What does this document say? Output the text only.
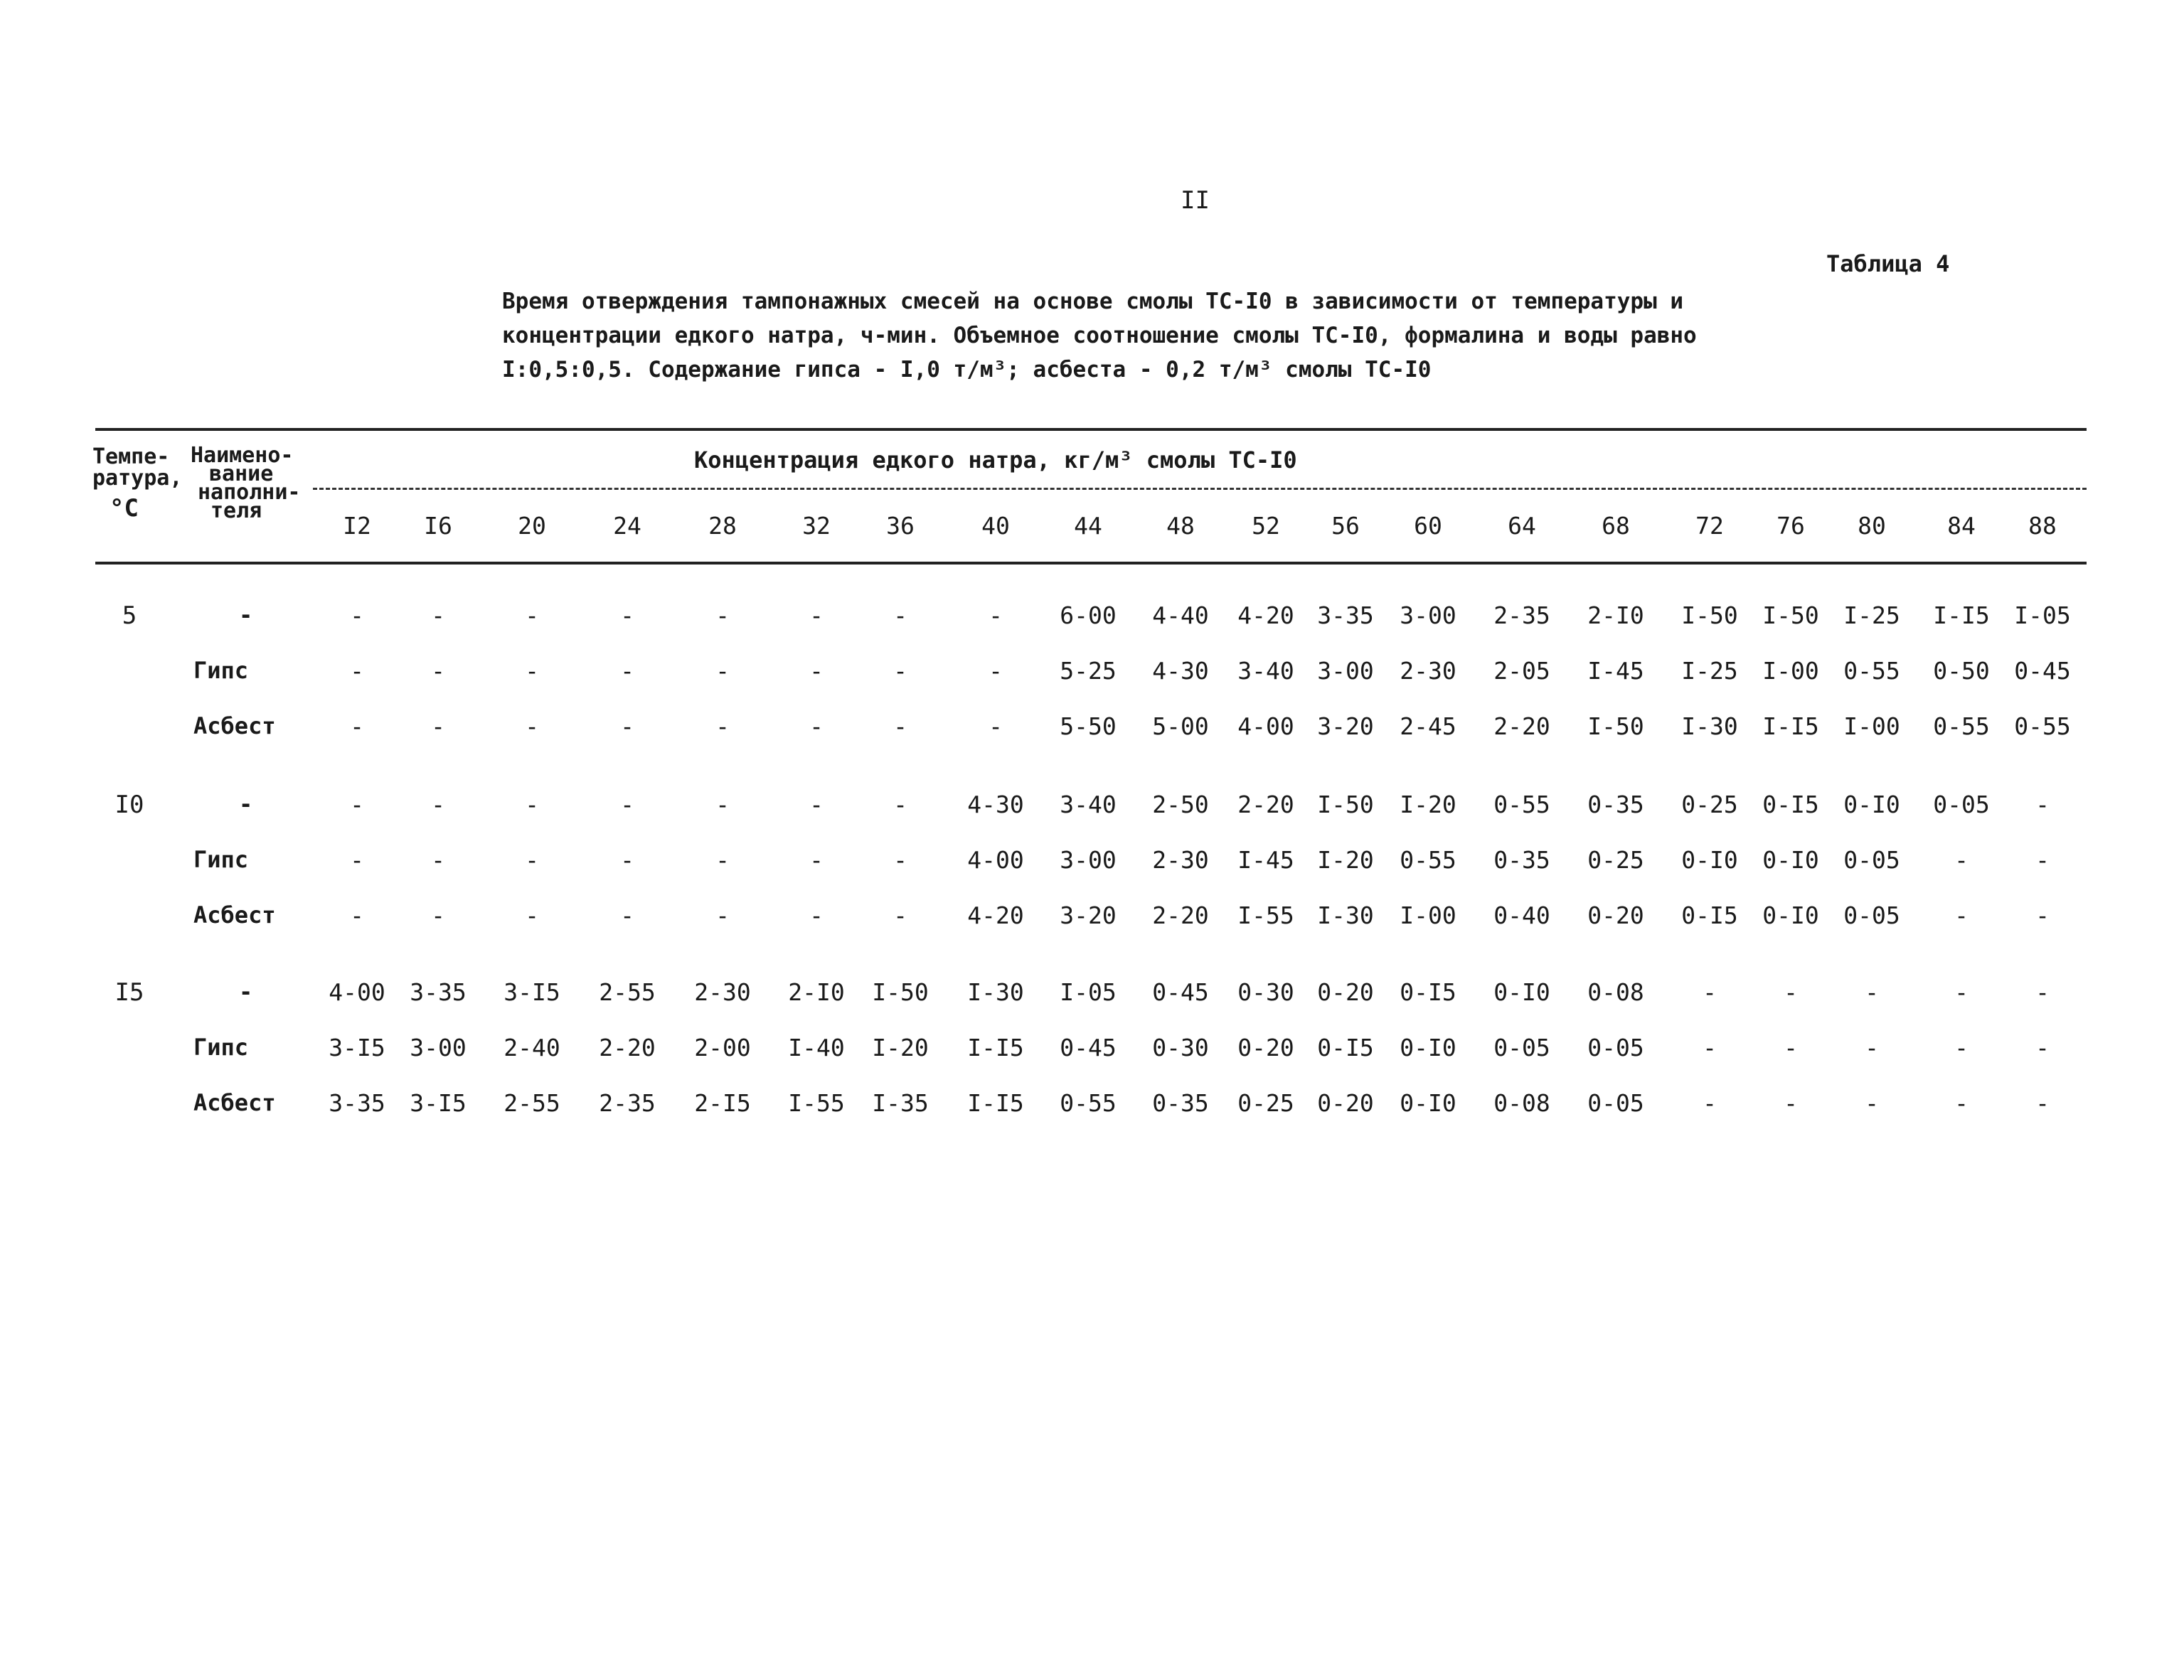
II
Таблица 4
Время отверждения тампонажных смесей на основе смолы ТС-I0 в зависимости от температуры и
концентрации едкого натра, ч-мин. Объемное соотношение смолы ТС-I0, формалина и воды равно
I:0,5:0,5. Содержание гипса - I,0 т/м³; асбеста - 0,2 т/м³ смолы ТС-I0
Темпе-
ратура,
°С
Наимено-
вание
наполни-
теля
Концентрация едкого натра, кг/м³ смолы ТС-I0
I2 I6	20	24	28	32 36	40	44	48 52 56 60	64	68	72 76 80	84 88
5	-	-	-	-	-	-	-	-	- 6-00 4-40 4-20 3-35 3-00 2-35 2-I0 I-50 I-50 I-25 I-I5 I-05
Гипс	-	-	-	-	-	-	-	- 5-25 4-30 3-40 3-00 2-30 2-05 I-45 I-25 I-00 0-55 0-50 0-45
Асбест	-	-	-	-	-	-	-	- 5-50 5-00 4-00 3-20 2-45 2-20 I-50 I-30 I-I5 I-00 0-55 0-55
I0	-	-	-	-	-	-	-	-	4-30 3-40 2-50 2-20 I-50 I-20 0-55 0-35 0-25 0-I5 0-I0 0-05 -
Гипс	-	-	-	-	-	-	-	4-00 3-00 2-30 I-45 I-20 0-55 0-35 0-25 0-I0 0-I0 0-05 -	-
Асбест	-	-	-	-	-	-	-	4-20 3-20 2-20 I-55 I-30 I-00 0-40 0-20 0-I5 0-I0 0-05 -	-
I5	-	4-00 3-35 3-I5 2-55 2-30 2-I0 I-50 I-30 I-05 0-45 0-30 0-20 0-I5 0-I0 0-08 -	-	-	-	-
Гипс	3-I5 3-00 2-40 2-20 2-00 I-40 I-20 I-I5 0-45 0-30 0-20 0-I5 0-I0 0-05 0-05 -	-	-	-	-
Асбест 3-35 3-I5 2-55 2-35 2-I5 I-55 I-35 I-I5 0-55 0-35 0-25 0-20 0-I0 0-08 0-05 -	-	-	-	-
